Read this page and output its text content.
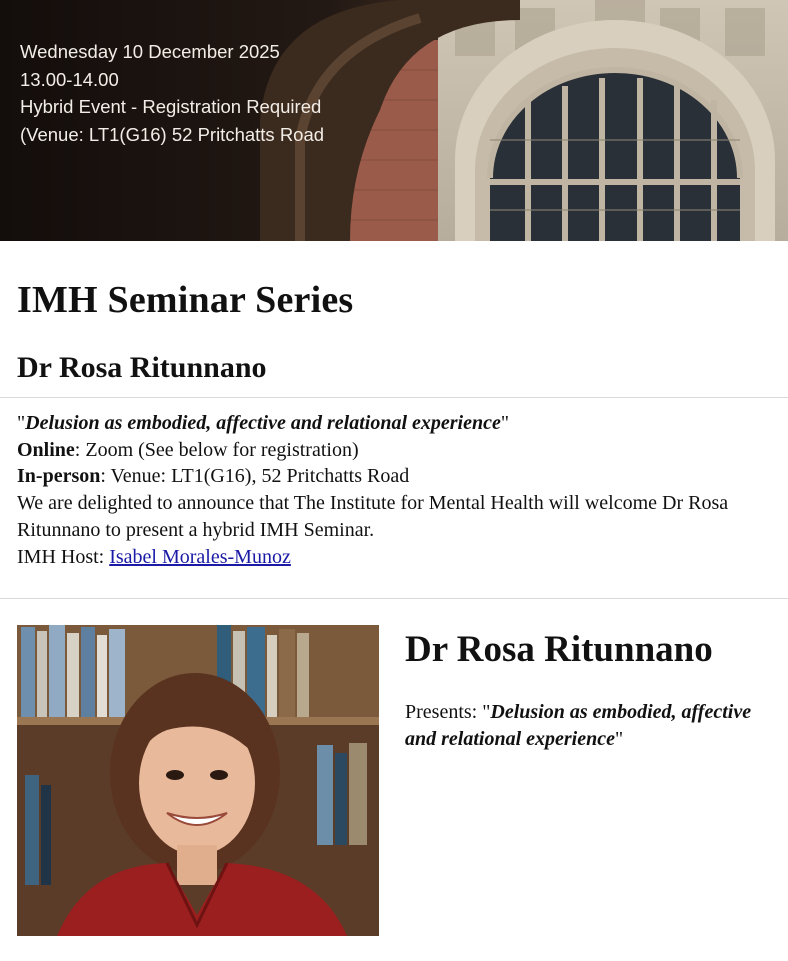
Wednesday 10 December 2025
13.00-14.00
Hybrid Event - Registration Required
(Venue: LT1(G16) 52 Pritchatts Road
IMH Seminar Series
Dr Rosa Ritunnano
"Delusion as embodied, affective and relational experience"
Online: Zoom (See below for registration)
In-person: Venue: LT1(G16), 52 Pritchatts Road
We are delighted to announce that The Institute for Mental Health will welcome Dr Rosa Ritunnano to present a hybrid IMH Seminar.
IMH Host: Isabel Morales-Munoz
Dr Rosa Ritunnano
Presents: "Delusion as embodied, affective and relational experience"
